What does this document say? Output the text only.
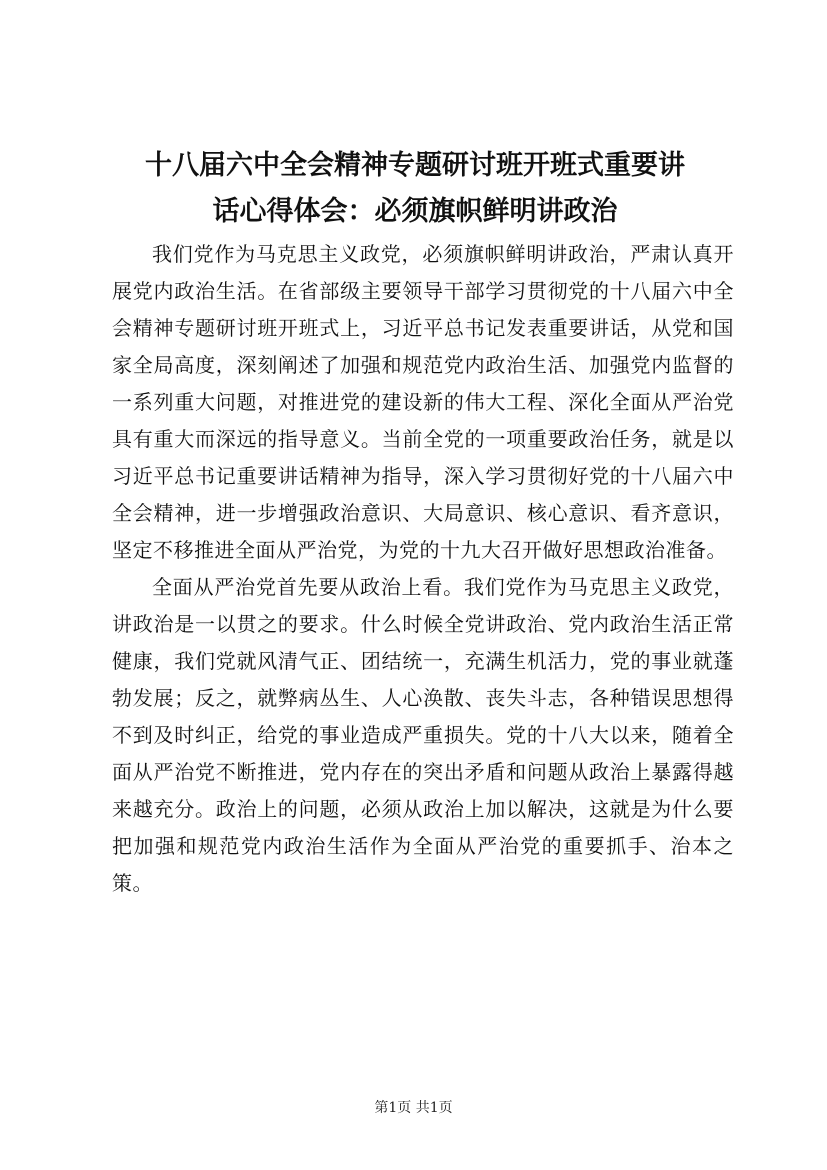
十八届六中全会精神专题研讨班开班式重要讲
话心得体会：必须旗帜鲜明讲政治

我们党作为马克思主义政党，必须旗帜鲜明讲政治，严肃认真开展党内政治生活。在省部级主要领导干部学习贯彻党的十八届六中全会精神专题研讨班开班式上，习近平总书记发表重要讲话，从党和国家全局高度，深刻阐述了加强和规范党内政治生活、加强党内监督的一系列重大问题，对推进党的建设新的伟大工程、深化全面从严治党具有重大而深远的指导意义。当前全党的一项重要政治任务，就是以习近平总书记重要讲话精神为指导，深入学习贯彻好党的十八届六中全会精神，进一步增强政治意识、大局意识、核心意识、看齐意识，坚定不移推进全面从严治党，为党的十九大召开做好思想政治准备。

全面从严治党首先要从政治上看。我们党作为马克思主义政党，讲政治是一以贯之的要求。什么时候全党讲政治、党内政治生活正常健康，我们党就风清气正、团结统一，充满生机活力，党的事业就蓬勃发展；反之，就弊病丛生、人心涣散、丧失斗志，各种错误思想得不到及时纠正，给党的事业造成严重损失。党的十八大以来，随着全面从严治党不断推进，党内存在的突出矛盾和问题从政治上暴露得越来越充分。政治上的问题，必须从政治上加以解决，这就是为什么要把加强和规范党内政治生活作为全面从严治党的重要抓手、治本之策。

第1页 共1页
